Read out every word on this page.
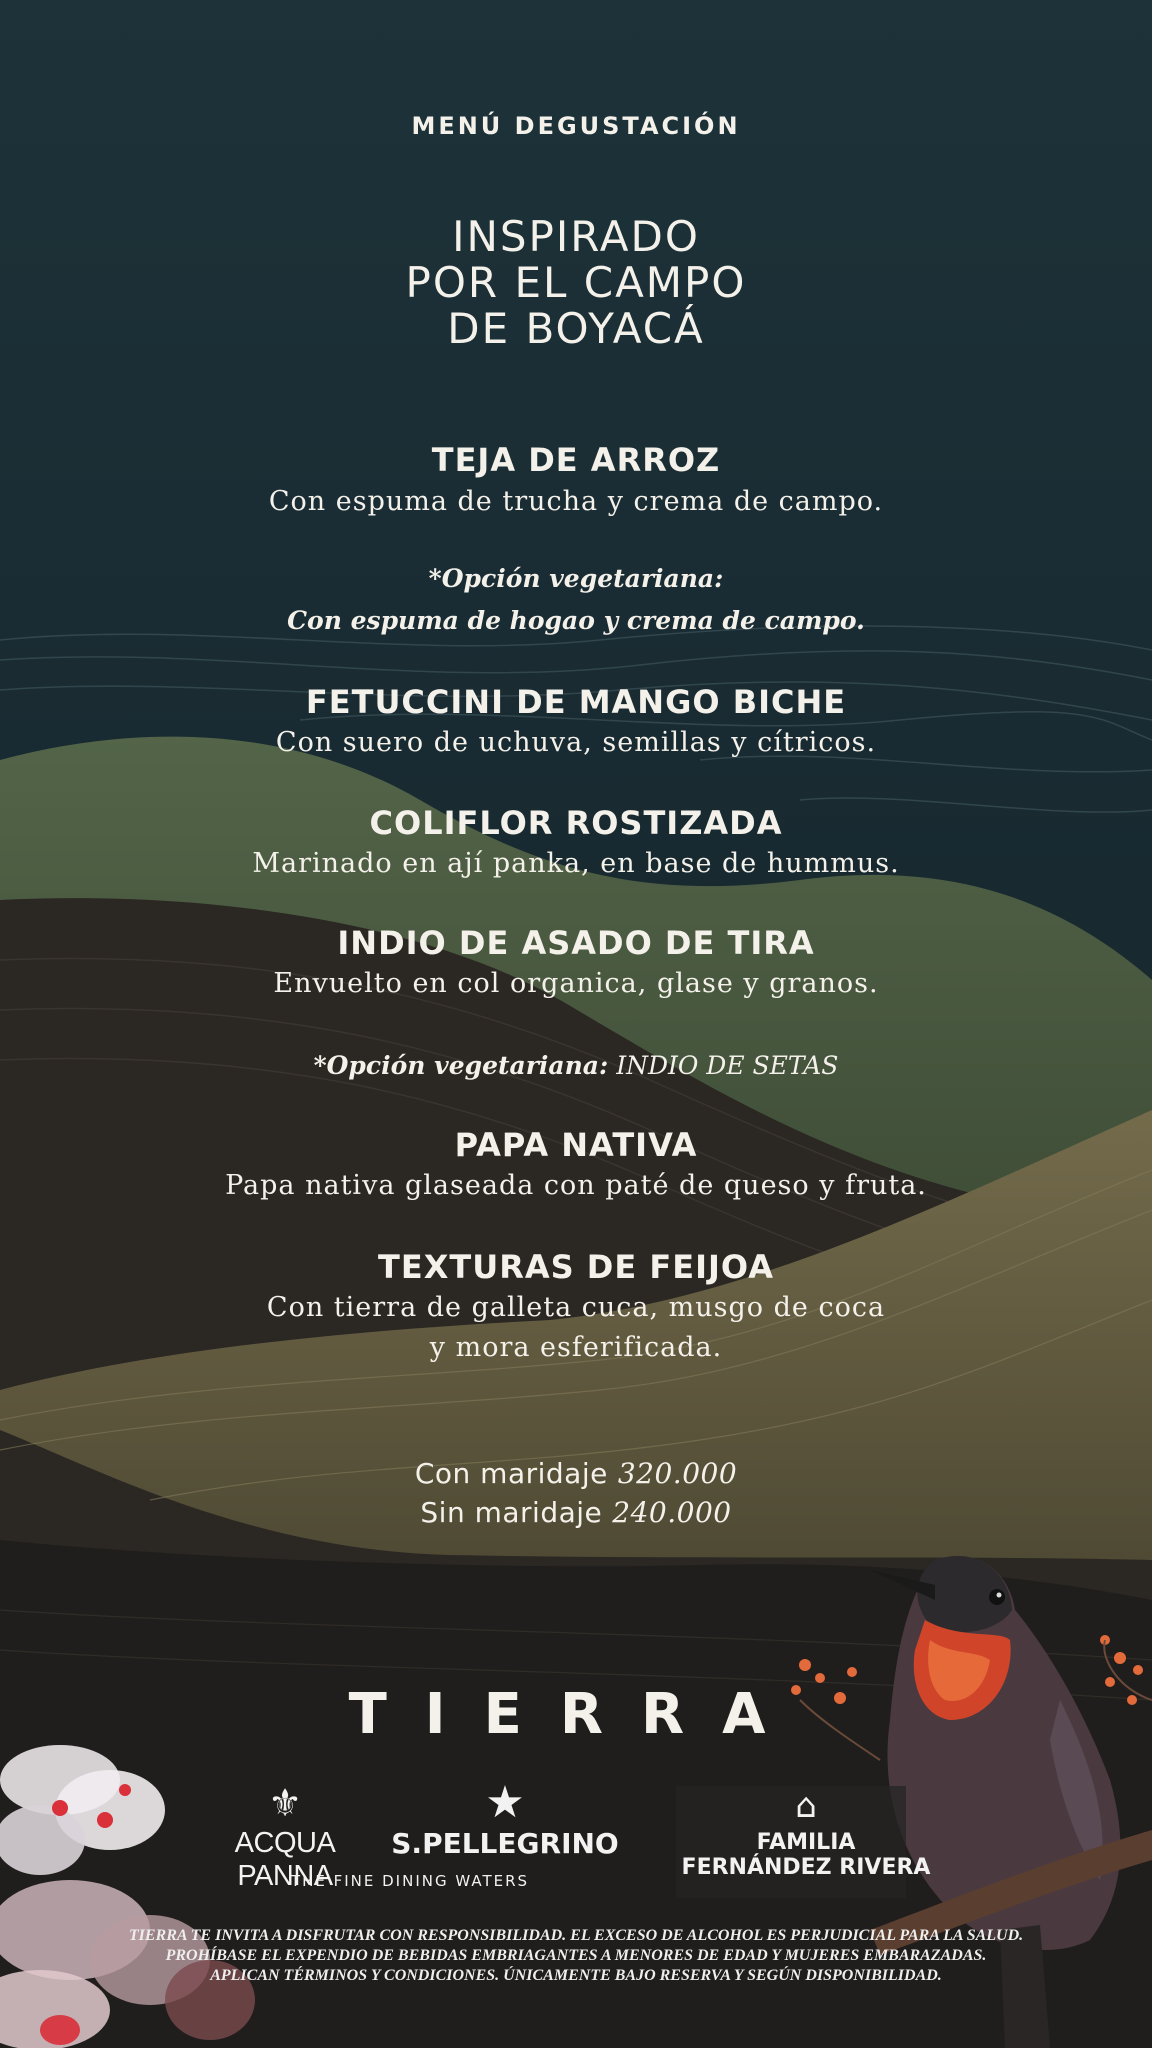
MENÚ DEGUSTACIÓN
INSPIRADO
POR EL CAMPO
DE BOYACÁ
TEJA DE ARROZ
Con espuma de trucha y crema de campo.
*Opción vegetariana:
Con espuma de hogao y crema de campo.
FETUCCINI DE MANGO BICHE
Con suero de uchuva, semillas y cítricos.
COLIFLOR ROSTIZADA
Marinado en ají panka, en base de hummus.
INDIO DE ASADO DE TIRA
Envuelto en col organica, glase y granos.
*Opción vegetariana: INDIO DE SETAS
PAPA NATIVA
Papa nativa glaseada con paté de queso y fruta.
TEXTURAS DE FEIJOA
Con tierra de galleta cuca, musgo de coca
y mora esferificada.
Con maridaje 320.000
Sin maridaje 240.000
TIERRA
⚜
ACQUA PANNA
★
S.PELLEGRINO
THE FINE DINING WATERS
⌂
FAMILIA
FERNÁNDEZ RIVERA
TIERRA TE INVITA A DISFRUTAR CON RESPONSIBILIDAD. EL EXCESO DE ALCOHOL ES PERJUDICIAL PARA LA SALUD.
PROHÍBASE EL EXPENDIO DE BEBIDAS EMBRIAGANTES A MENORES DE EDAD Y MUJERES EMBARAZADAS.
APLICAN TÉRMINOS Y CONDICIONES. ÚNICAMENTE BAJO RESERVA Y SEGÚN DISPONIBILIDAD.
